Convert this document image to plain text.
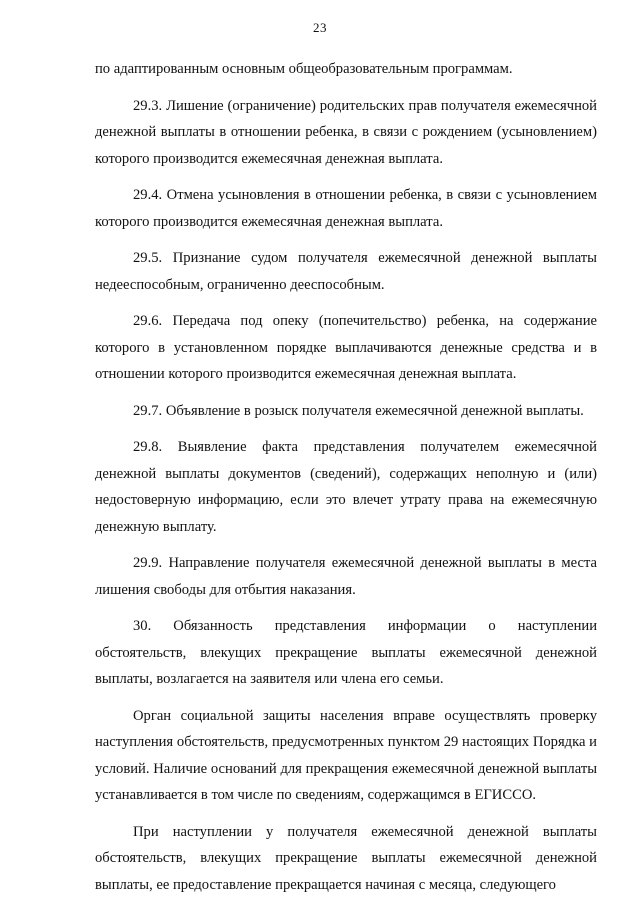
23

по адаптированным основным общеобразовательным программам.

29.3. Лишение (ограничение) родительских прав получателя ежемесячной денежной выплаты в отношении ребенка, в связи с рождением (усыновлением) которого производится ежемесячная денежная выплата.

29.4. Отмена усыновления в отношении ребенка, в связи с усыновлением которого производится ежемесячная денежная выплата.

29.5. Признание судом получателя ежемесячной денежной выплаты недееспособным, ограниченно дееспособным.

29.6. Передача под опеку (попечительство) ребенка, на содержание которого в установленном порядке выплачиваются денежные средства и в отношении которого производится ежемесячная денежная выплата.

29.7. Объявление в розыск получателя ежемесячной денежной выплаты.

29.8. Выявление факта представления получателем ежемесячной денежной выплаты документов (сведений), содержащих неполную и (или) недостоверную информацию, если это влечет утрату права на ежемесячную денежную выплату.

29.9. Направление получателя ежемесячной денежной выплаты в места лишения свободы для отбытия наказания.

30. Обязанность представления информации о наступлении обстоятельств, влекущих прекращение выплаты ежемесячной денежной выплаты, возлагается на заявителя или члена его семьи.

Орган социальной защиты населения вправе осуществлять проверку наступления обстоятельств, предусмотренных пунктом 29 настоящих Порядка и условий. Наличие оснований для прекращения ежемесячной денежной выплаты устанавливается в том числе по сведениям, содержащимся в ЕГИССО.

При наступлении у получателя ежемесячной денежной выплаты обстоятельств, влекущих прекращение выплаты ежемесячной денежной выплаты, ее предоставление прекращается начиная с месяца, следующего
